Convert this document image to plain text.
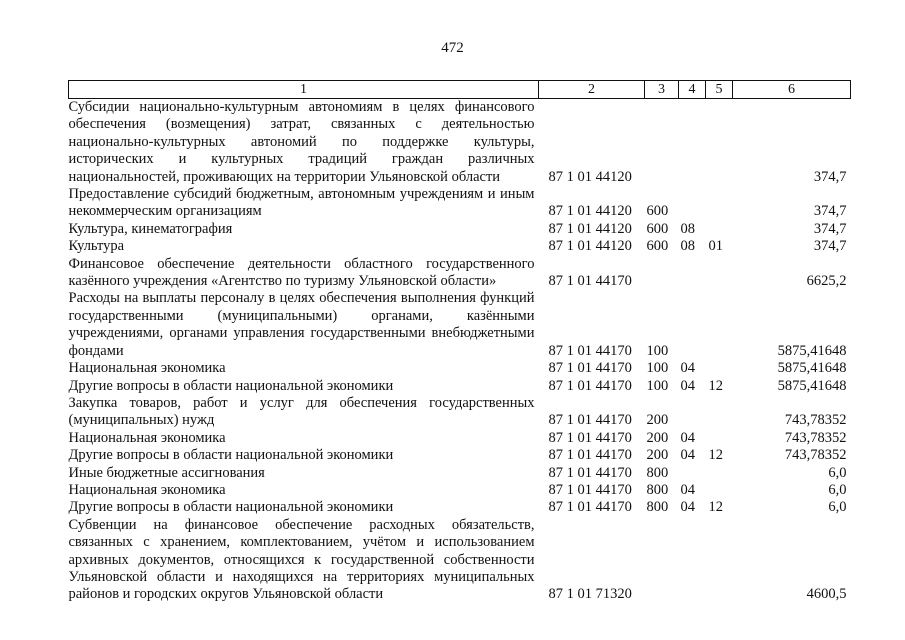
472
1	2	3	4	5	6
Субсидии национально-культурным автономиям в целях финансового обеспечения (возмещения) затрат, связанных с деятельностью национально-культурных автономий по поддержке культуры, исторических и культурных традиций граждан различных национальностей, проживающих на территории Ульяновской области	87 1 01 44120				374,7
Предоставление субсидий бюджетным, автономным учреждениям и иным некоммерческим организациям	87 1 01 44120	600			374,7
Культура, кинематография	87 1 01 44120	600	08		374,7
Культура	87 1 01 44120	600	08	01	374,7
Финансовое обеспечение деятельности областного государственного казённого учреждения «Агентство по туризму Ульяновской области»	87 1 01 44170				6625,2
Расходы на выплаты персоналу в целях обеспечения выполнения функций государственными (муниципальными) органами, казёнными учреждениями, органами управления государственными внебюджетными фондами	87 1 01 44170	100			5875,41648
Национальная экономика	87 1 01 44170	100	04		5875,41648
Другие вопросы в области национальной экономики	87 1 01 44170	100	04	12	5875,41648
Закупка товаров, работ и услуг для обеспечения государственных (муниципальных) нужд	87 1 01 44170	200			743,78352
Национальная экономика	87 1 01 44170	200	04		743,78352
Другие вопросы в области национальной экономики	87 1 01 44170	200	04	12	743,78352
Иные бюджетные ассигнования	87 1 01 44170	800			6,0
Национальная экономика	87 1 01 44170	800	04		6,0
Другие вопросы в области национальной экономики	87 1 01 44170	800	04	12	6,0
Субвенции на финансовое обеспечение расходных обязательств, связанных с хранением, комплектованием, учётом и использованием архивных документов, относящихся к государственной собственности Ульяновской области и находящихся на территориях муниципальных районов и городских округов Ульяновской области	87 1 01 71320				4600,5
